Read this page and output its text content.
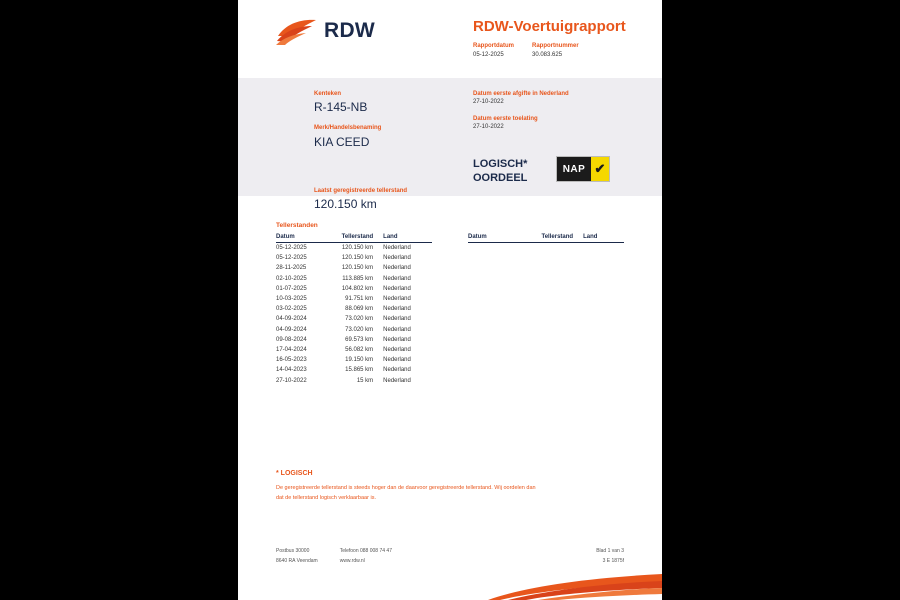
RDW	RDW-Voertuigrapport
Rapportdatum
05-12-2025
Rapportnummer
30.083.625
Kenteken
R-145-NB
Merk/Handelsbenaming
KIA CEED
Laatst geregistreerde tellerstand
120.150 km
Datum eerste afgifte in Nederland
27-10-2022
Datum eerste toelating
27-10-2022
LOGISCH*
OORDEEL
NAP ✔
Tellerstanden
Datum	Tellerstand	Land
05-12-2025	120.150 km	Nederland
05-12-2025	120.150 km	Nederland
28-11-2025	120.150 km	Nederland
02-10-2025	113.885 km	Nederland
01-07-2025	104.802 km	Nederland
10-03-2025	91.751 km	Nederland
03-02-2025	88.069 km	Nederland
04-09-2024	73.020 km	Nederland
04-09-2024	73.020 km	Nederland
09-08-2024	69.573 km	Nederland
17-04-2024	56.082 km	Nederland
16-05-2023	19.150 km	Nederland
14-04-2023	15.865 km	Nederland
27-10-2022	15 km	Nederland
Datum	Tellerstand	Land
* LOGISCH
De geregistreerde tellerstand is steeds hoger dan de daarvoor geregistreerde tellerstand. Wij oordelen dan
dat de tellerstand logisch verklaarbaar is.
Postbus 30000
8640 RA Veendam
Telefoon 088 008 74 47
www.rdw.nl
Blad 1 van 3
3 E 1875f
